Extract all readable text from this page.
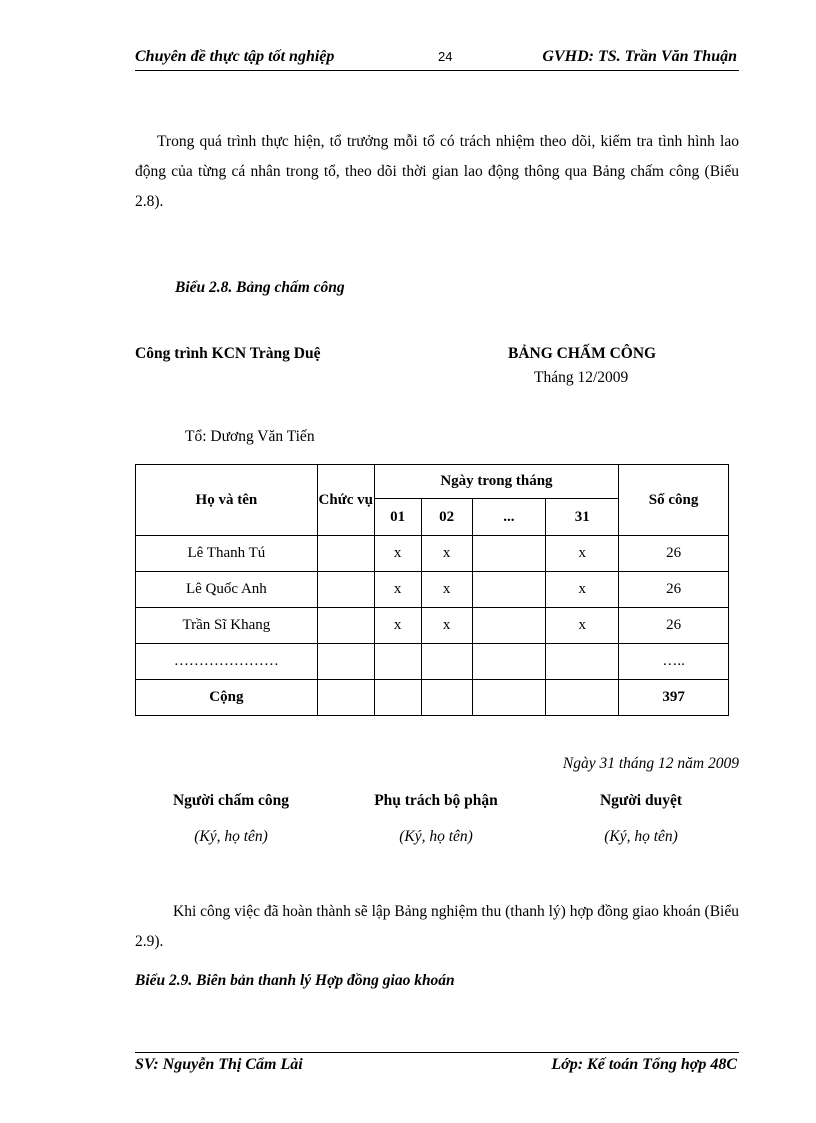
Chuyên đề thực tập tốt nghiệp	24	GVHD: TS. Trần Văn Thuận

Trong quá trình thực hiện, tổ trưởng mỗi tổ có trách nhiệm theo dõi, kiểm tra tình hình lao động của từng cá nhân trong tổ, theo dõi thời gian lao động thông qua Bảng chấm công (Biểu 2.8).

Biểu 2.8. Bảng chấm công
Công trình KCN Tràng Duệ	BẢNG CHẤM CÔNG
Tháng 12/2009
Tổ: Dương Văn Tiến
Họ và tên	Chức vụ	Ngày trong tháng				Số công
		01	02	...	31	
Lê Thanh Tú		x	x		x	26
Lê Quốc Anh		x	x		x	26
Trần Sĩ Khang		x	x		x	26
…………………						…..
Cộng						397
Ngày 31 tháng 12 năm 2009
Người chấm công
(Ký, họ tên)
Phụ trách bộ phận
(Ký, họ tên)
Người duyệt
(Ký, họ tên)

Khi công việc đã hoàn thành sẽ lập Bảng nghiệm thu (thanh lý) hợp đồng giao khoán (Biểu 2.9).

Biểu 2.9. Biên bản thanh lý Hợp đồng giao khoán
SV: Nguyễn Thị Cẩm Lài	Lớp: Kế toán Tổng hợp 48C
